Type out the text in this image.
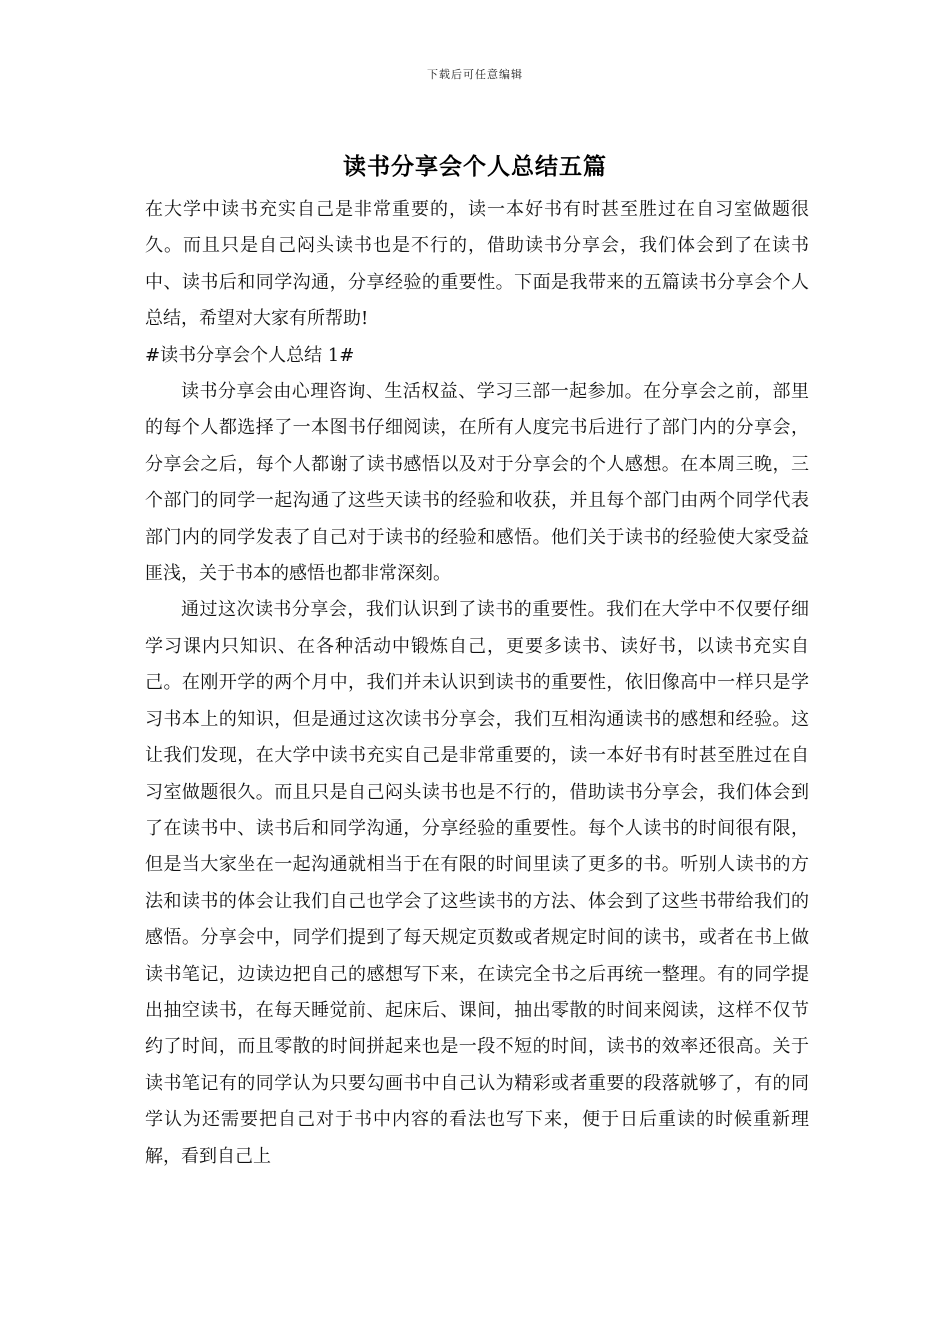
下载后可任意编辑
读书分享会个人总结五篇

在大学中读书充实自己是非常重要的，读一本好书有时甚至胜过在自习室做题很久。而且只是自己闷头读书也是不行的，借助读书分享会，我们体会到了在读书中、读书后和同学沟通，分享经验的重要性。下面是我带来的五篇读书分享会个人总结，希望对大家有所帮助!

#读书分享会个人总结 1#

读书分享会由心理咨询、生活权益、学习三部一起参加。在分享会之前，部里的每个人都选择了一本图书仔细阅读，在所有人度完书后进行了部门内的分享会，分享会之后，每个人都谢了读书感悟以及对于分享会的个人感想。在本周三晚，三个部门的同学一起沟通了这些天读书的经验和收获，并且每个部门由两个同学代表部门内的同学发表了自己对于读书的经验和感悟。他们关于读书的经验使大家受益匪浅，关于书本的感悟也都非常深刻。

通过这次读书分享会，我们认识到了读书的重要性。我们在大学中不仅要仔细学习课内只知识、在各种活动中锻炼自己，更要多读书、读好书，以读书充实自己。在刚开学的两个月中，我们并未认识到读书的重要性，依旧像高中一样只是学习书本上的知识，但是通过这次读书分享会，我们互相沟通读书的感想和经验。这让我们发现，在大学中读书充实自己是非常重要的，读一本好书有时甚至胜过在自习室做题很久。而且只是自己闷头读书也是不行的，借助读书分享会，我们体会到了在读书中、读书后和同学沟通，分享经验的重要性。每个人读书的时间很有限，但是当大家坐在一起沟通就相当于在有限的时间里读了更多的书。听别人读书的方法和读书的体会让我们自己也学会了这些读书的方法、体会到了这些书带给我们的感悟。分享会中，同学们提到了每天规定页数或者规定时间的读书，或者在书上做读书笔记，边读边把自己的感想写下来，在读完全书之后再统一整理。有的同学提出抽空读书，在每天睡觉前、起床后、课间，抽出零散的时间来阅读，这样不仅节约了时间，而且零散的时间拼起来也是一段不短的时间，读书的效率还很高。关于读书笔记有的同学认为只要勾画书中自己认为精彩或者重要的段落就够了，有的同学认为还需要把自己对于书中内容的看法也写下来，便于日后重读的时候重新理解，看到自己上
